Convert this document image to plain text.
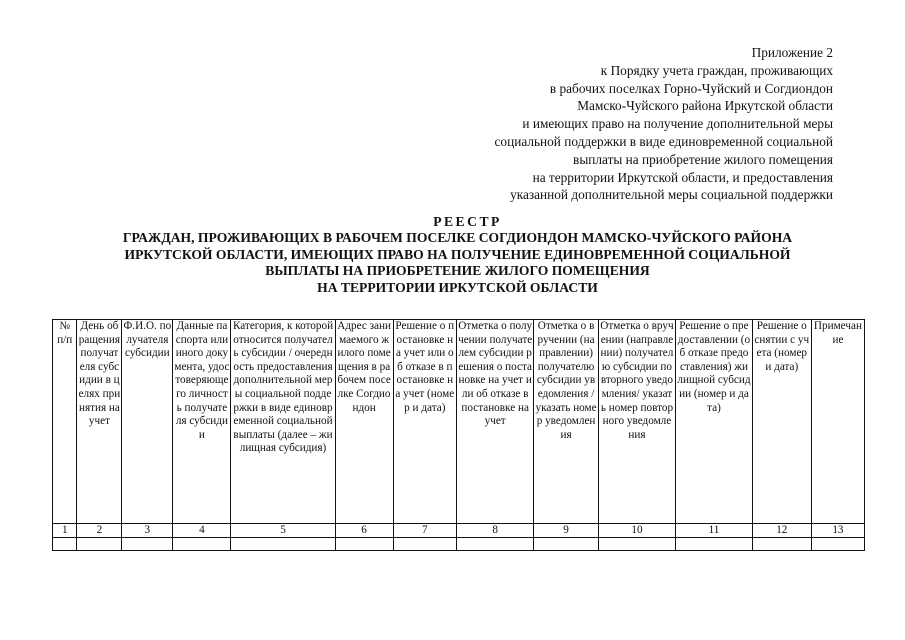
Приложение 2
к Порядку учета граждан, проживающих
в рабочих поселках Горно-Чуйский и Согдиондон
Мамско-Чуйского района Иркутской области
и имеющих право на получение дополнительной меры
социальной поддержки в виде единовременной социальной
выплаты на приобретение жилого помещения
на территории Иркутской области, и предоставления
указанной дополнительной меры социальной поддержки
РЕЕСТР
ГРАЖДАН, ПРОЖИВАЮЩИХ В РАБОЧЕМ ПОСЕЛКЕ СОГДИОНДОН МАМСКО-ЧУЙСКОГО РАЙОНА
ИРКУТСКОЙ ОБЛАСТИ, ИМЕЮЩИХ ПРАВО НА ПОЛУЧЕНИЕ ЕДИНОВРЕМЕННОЙ СОЦИАЛЬНОЙ
ВЫПЛАТЫ НА ПРИОБРЕТЕНИЕ ЖИЛОГО ПОМЕЩЕНИЯ
НА ТЕРРИТОРИИ ИРКУТСКОЙ ОБЛАСТИ
№ п/п	День обращения получателя субсидии в целях принятия на учет	Ф.И.О. получателя субсидии	Данные паспорта или иного документа, удостоверяющего личность получателя субсидии	Категория, к которой относится получатель субсидии / очередность предоставления дополнительной меры социальной поддержки в виде единовременной социальной выплаты (далее – жилищная субсидия)	Адрес занимаемого жилого помещения в рабочем поселке Согдиондон	Решение о постановке на учет или об отказе в постановке на учет (номер и дата)	Отметка о получении получателем субсидии решения о постановке на учет или об отказе в постановке на учет	Отметка о вручении (направлении) получателю субсидии уведомления / указать номер уведомления	Отметка о вручении (направлении) получателю субсидии повторного уведомления/ указать номер повторного уведомления	Решение о предоставлении (об отказе предоставления) жилищной субсидии (номер и дата)	Решение о снятии с учета (номер и дата)	Примечание

1	2	3	4	5	6	7	8	9	10	11	12	13
